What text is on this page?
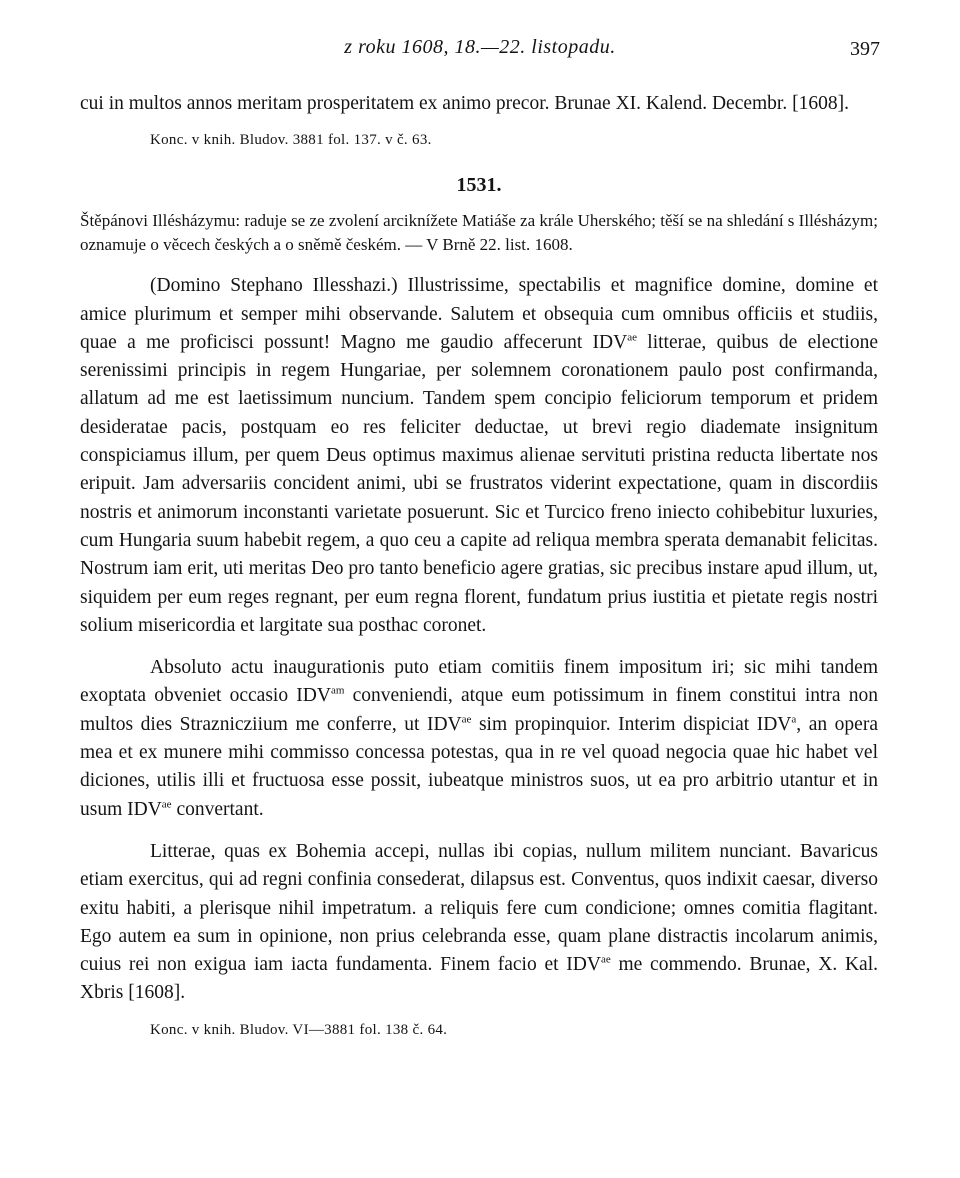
z roku 1608, 18.—22. listopadu.	397

cui in multos annos meritam prosperitatem ex animo precor. Brunae XI. Kalend. Decembr. [1608].

Konc. v knih. Bludov. 3881 fol. 137. v č. 63.

1531.

Štěpánovi Illésházymu: raduje se ze zvolení arciknížete Matiáše za krále Uherského; těší se na shledání s Illésházym; oznamuje o věcech českých a o sněmě českém. — V Brně 22. list. 1608.

(Domino Stephano Illesshazi.) Illustrissime, spectabilis et magnifice domine, domine et amice plurimum et semper mihi observande. Salutem et obsequia cum omnibus officiis et studiis, quae a me proficisci possunt! Magno me gaudio affecerunt $IDV^{ae}$ litterae, quibus de electione serenissimi principis in regem Hungariae, per solemnem coronationem paulo post confirmanda, allatum ad me est laetissimum nuncium. Tandem spem concipio feliciorum temporum et pridem desideratae pacis, postquam eo res feliciter deductae, ut brevi regio diademate insignitum conspiciamus illum, per quem Deus optimus maximus alienae servituti pristina reducta libertate nos eripuit. Jam adversariis concident animi, ubi se frustratos viderint expectatione, quam in discordiis nostris et animorum inconstanti varietate posuerunt. Sic et Turcico freno iniecto cohibebitur luxuries, cum Hungaria suum habebit regem, a quo ceu a capite ad reliqua membra sperata demanabit felicitas. Nostrum iam erit, uti meritas Deo pro tanto beneficio agere gratias, sic precibus instare apud illum, ut, siquidem per eum reges regnant, per eum regna florent, fundatum prius iustitia et pietate regis nostri solium misericordia et largitate sua posthac coronet.

Absoluto actu inaugurationis puto etiam comitiis finem impositum iri; sic mihi tandem exoptata obveniet occasio $IDV^{am}$ conveniendi, atque eum potissimum in finem constitui intra non multos dies Straznicziium me conferre, ut $IDV^{ae}$ sim propinquior. Interim dispiciat IDV$^a$, an opera mea et ex munere mihi commisso concessa potestas, qua in re vel quoad negocia quae hic habet vel diciones, utilis illi et fructuosa esse possit, iubeatque ministros suos, ut ea pro arbitrio utantur et in usum $IDV^{ae}$ convertant.

Litterae, quas ex Bohemia accepi, nullas ibi copias, nullum militem nunciant. Bavaricus etiam exercitus, qui ad regni confinia consederat, dilapsus est. Conventus, quos indixit caesar, diverso exitu habiti, a plerisque nihil impetratum. a reliquis fere cum condicione; omnes comitia flagitant. Ego autem ea sum in opinione, non prius celebranda esse, quam plane distractis incolarum animis, cuius rei non exigua iam iacta fundamenta. Finem facio et $IDV^{ae}$ me commendo. Brunae, X. Kal. Xbris [1608].

Konc. v knih. Bludov. VI—3881 fol. 138 č. 64.
